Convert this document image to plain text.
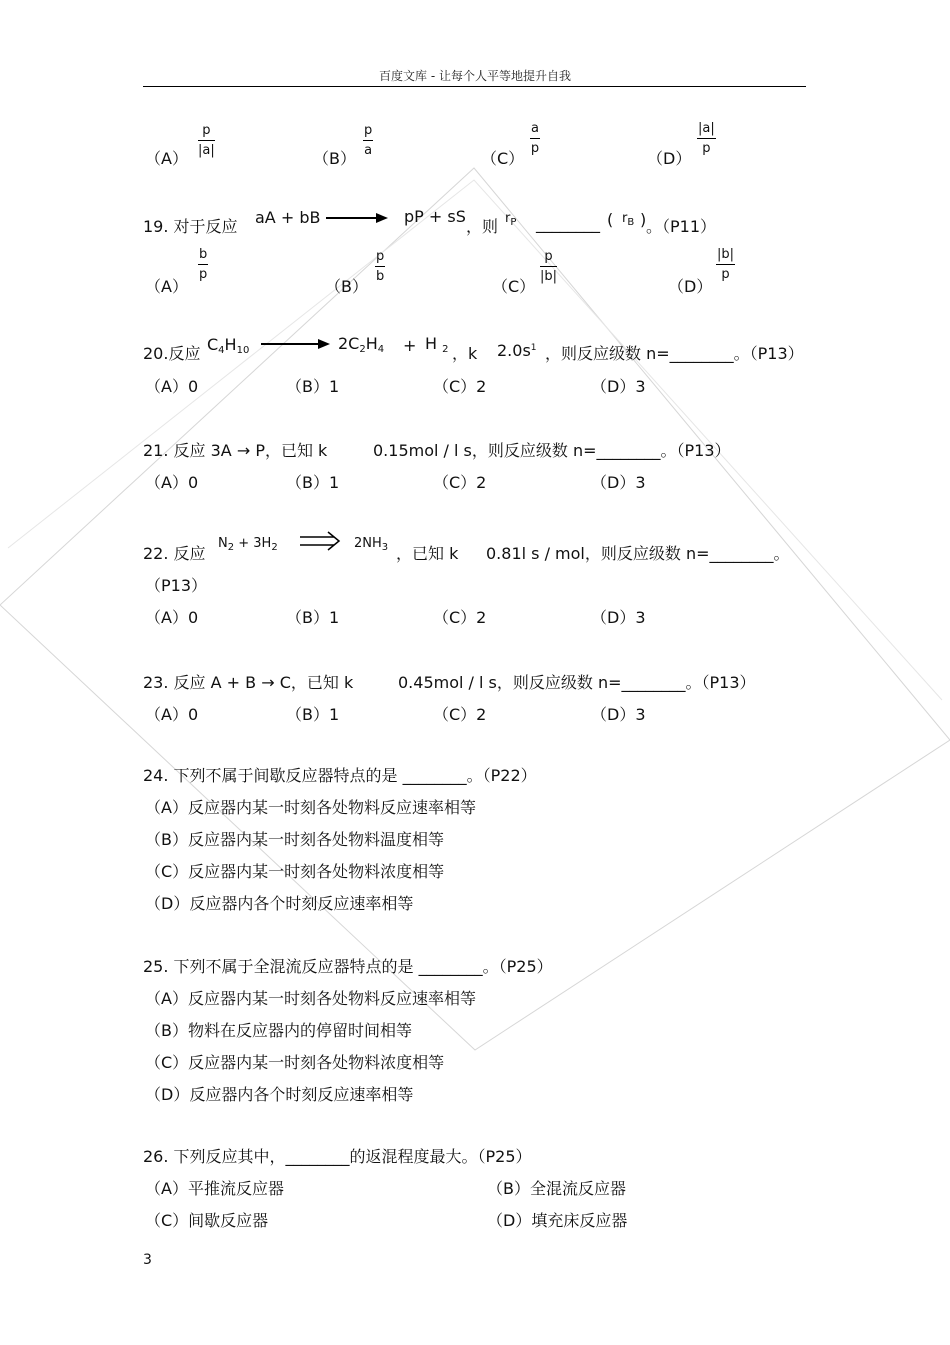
百度文库 - 让每个人平等地提升自我
（A）
p
|a|	（B）
p
a	（C）
a
p
（D）
|a|
p
19. 对于反应 aA + bB	pP + sS
，则 $r_P$ ________ ( $r_B$ ) 。（P11）
（A）
b
p
（B）
p
b
（C）
p
|b|
（D）
|b|
p
20.反应 $C_4H_{10}$	$2C_2H_4 + H$ $_2$ ，k $2.0s^1$ ，则反应级数 n=________。（P13）
（A）0	（B）1	（C）2	（D）3
21. 反应 3A → P，已知 k	0.15mol / l s，则反应级数 n=________。（P13）
（A）0	（B）1	（C）2	（D）3
22. 反应
$N_2 + 3H_2$	$2NH_3$ ，已知 k 0.81l s / mol，则反应级数 n=________。
（P13）
（A）0	（B）1	（C）2	（D）3
23. 反应 A + B → C，已知 k	0.45mol / l s，则反应级数 n=________。（P13）
（A）0	（B）1	（C）2	（D）3
24. 下列不属于间歇反应器特点的是 ________。（P22）
（A）反应器内某一时刻各处物料反应速率相等
（B）反应器内某一时刻各处物料温度相等
（C）反应器内某一时刻各处物料浓度相等
（D）反应器内各个时刻反应速率相等
25. 下列不属于全混流反应器特点的是 ________。（P25）
（A）反应器内某一时刻各处物料反应速率相等
（B）物料在反应器内的停留时间相等
（C）反应器内某一时刻各处物料浓度相等
（D）反应器内各个时刻反应速率相等
26. 下列反应其中，________的返混程度最大。（P25）
（A）平推流反应器	（B）全混流反应器
（C）间歇反应器	（D）填充床反应器
3
